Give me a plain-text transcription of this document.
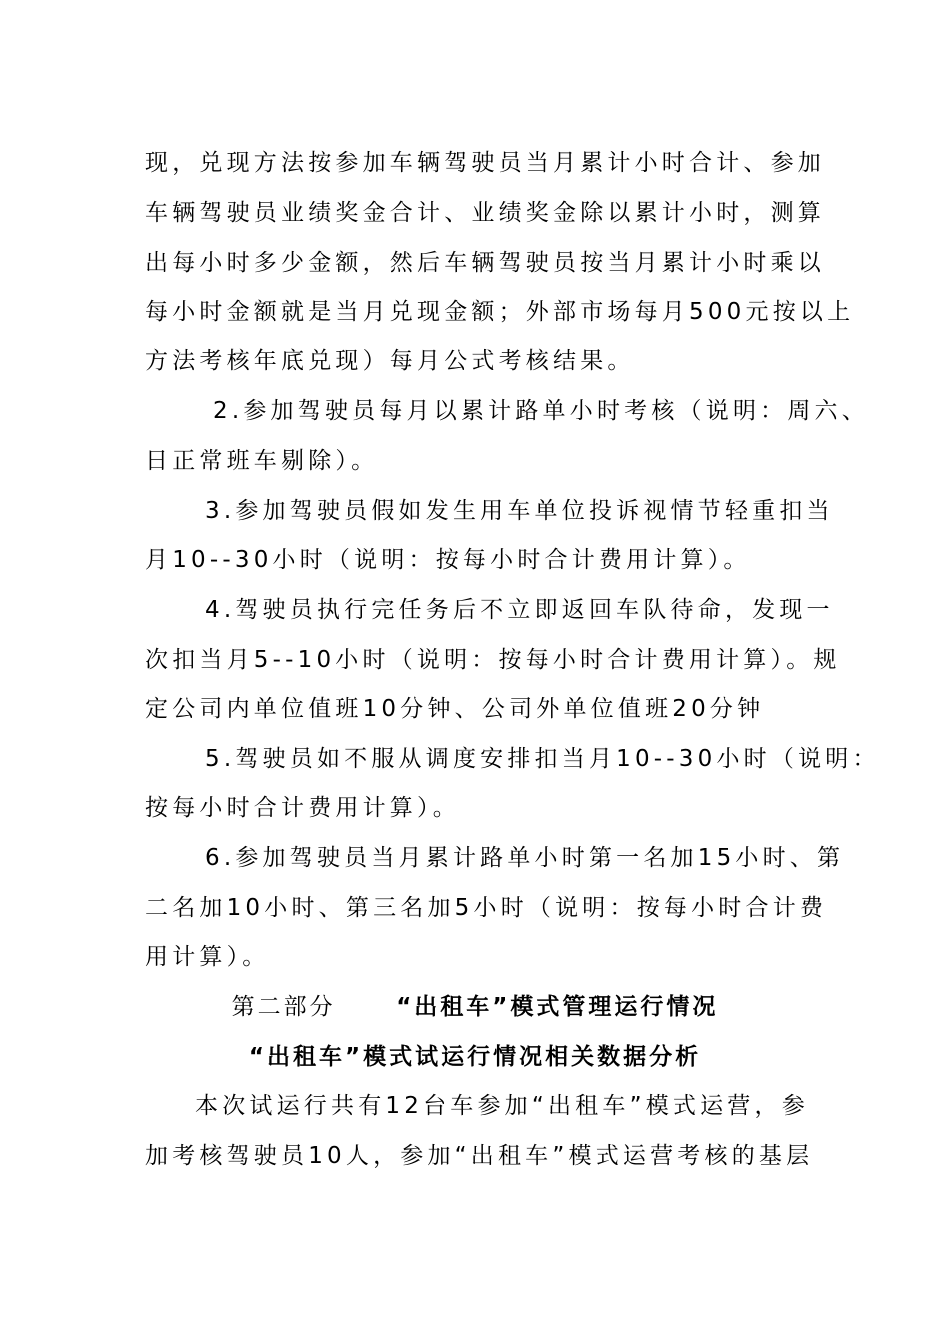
现，兑现方法按参加车辆驾驶员当月累计小时合计、参加
车辆驾驶员业绩奖金合计、业绩奖金除以累计小时，测算
出每小时多少金额，然后车辆驾驶员按当月累计小时乘以
每小时金额就是当月兑现金额；外部市场每月500元按以上
方法考核年底兑现）每月公式考核结果。
2.参加驾驶员每月以累计路单小时考核（说明：周六、
日正常班车剔除）。
3.参加驾驶员假如发生用车单位投诉视情节轻重扣当
月10--30小时（说明：按每小时合计费用计算）。
4.驾驶员执行完任务后不立即返回车队待命，发现一
次扣当月5--10小时（说明：按每小时合计费用计算）。规
定公司内单位值班10分钟、公司外单位值班20分钟
5.驾驶员如不服从调度安排扣当月10--30小时（说明：
按每小时合计费用计算）。
6.参加驾驶员当月累计路单小时第一名加15小时、第
二名加10小时、第三名加5小时（说明：按每小时合计费
用计算）。
第二部分	“出租车”模式管理运行情况
“出租车”模式试运行情况相关数据分析
本次试运行共有12台车参加“出租车”模式运营，参
加考核驾驶员10人，参加“出租车”模式运营考核的基层
